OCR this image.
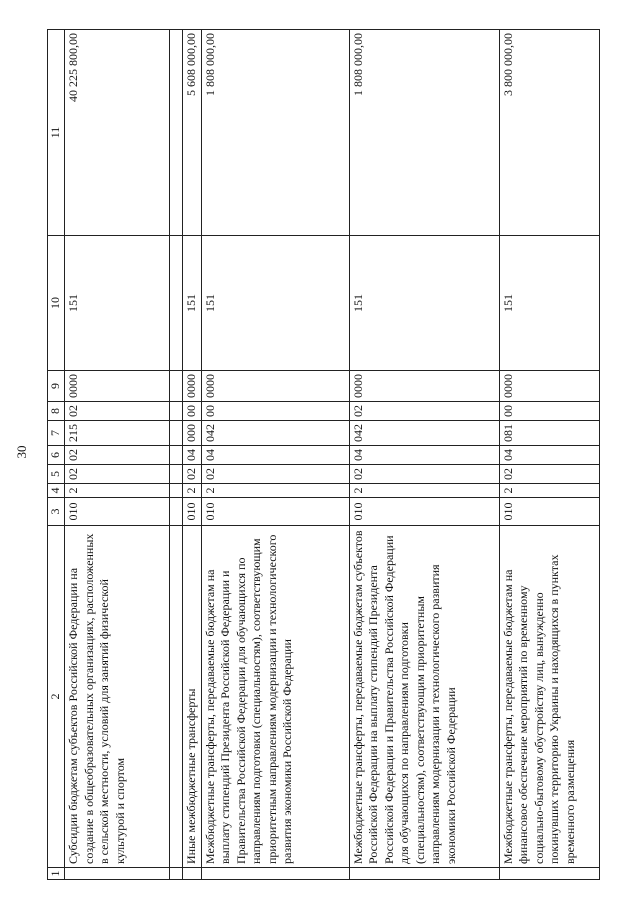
30
1	2	3	4	5	6	7	8	9	10	11
	Субсидии бюджетам субъектов Российской Федерации на создание в общеобразовательных организациях, расположенных в сельской местности, условий для занятий физической культурой и спортом	010	2	02	02	215	02	0000	151	40 225 800,00

	Иные межбюджетные трансферты	010	2	02	04	000	00	0000	151	5 608 000,00
	Межбюджетные трансферты, передаваемые бюджетам на выплату стипендий Президента Российской Федерации и Правительства Российской Федерации для обучающихся по направлениям подготовки (специальностям), соответствующим приоритетным направлениям модернизации и технологического развития экономики Российской Федерации	010	2	02	04	042	00	0000	151	1 808 000,00
	Межбюджетные трансферты, передаваемые бюджетам субъектов Российской Федерации на выплату стипендий Президента Российской Федерации и Правительства Российской Федерации для обучающихся по направлениям подготовки (специальностям), соответствующим приоритетным направлениям модернизации и технологического развития экономики Российской Федерации	010	2	02	04	042	02	0000	151	1 808 000,00
	Межбюджетные трансферты, передаваемые бюджетам на финансовое обеспечение мероприятий по временному социально-бытовому обустройству лиц, вынужденно покинувших территорию Украины и находящихся в пунктах временного размещения	010	2	02	04	081	00	0000	151	3 800 000,00
